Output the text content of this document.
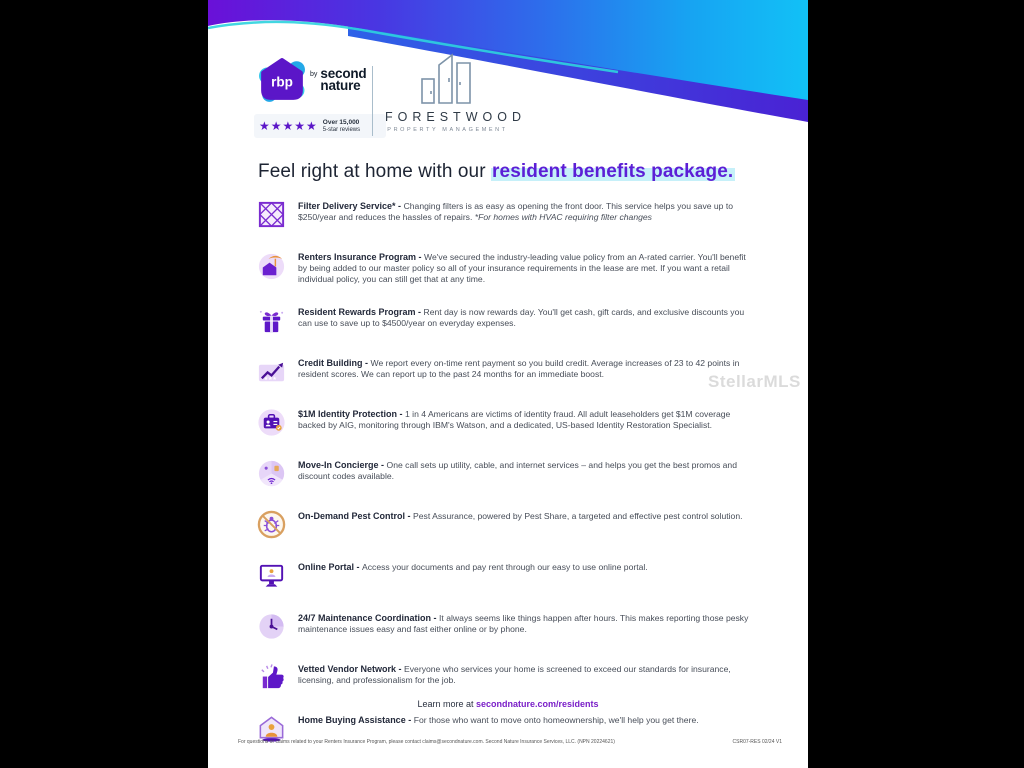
rbp by second
nature
★★★★★ Over 15,000
5-star reviews
FORESTWOOD
PROPERTY MANAGEMENT
Feel right at home with our resident benefits package.
Filter Delivery Service* - Changing filters is as easy as opening the front door. This service helps you save up to $250/year and reduces the hassles of repairs. *For homes with HVAC requiring filter changes
Renters Insurance Program - We've secured the industry-leading value policy from an A-rated carrier. You'll benefit by being added to our master policy so all of your insurance requirements in the lease are met. If you want a retail individual policy, you can still get that at any time.
Resident Rewards Program - Rent day is now rewards day. You'll get cash, gift cards, and exclusive discounts you can use to save up to $4500/year on everyday expenses.
★★★
Credit Building - We report every on-time rent payment so you build credit. Average increases of 23 to 42 points in resident scores. We can report up to the past 24 months for an immediate boost.
$1M Identity Protection - 1 in 4 Americans are victims of identity fraud. All adult leaseholders get $1M coverage backed by AIG, monitoring through IBM's Watson, and a dedicated, US-based Identity Restoration Specialist.
Move-In Concierge - One call sets up utility, cable, and internet services – and helps you get the best promos and discount codes available.
On-Demand Pest Control - Pest Assurance, powered by Pest Share, a targeted and effective pest control solution.
Online Portal - Access your documents and pay rent through our easy to use online portal.
24/7 Maintenance Coordination - It always seems like things happen after hours. This makes reporting those pesky maintenance issues easy and fast either online or by phone.
Vetted Vendor Network - Everyone who services your home is screened to exceed our standards for insurance, licensing, and professionalism for the job.
Home Buying Assistance - For those who want to move onto homeownership, we'll help you get there.
Learn more at secondnature.com/residents
For questions or claims related to your Renters Insurance Program, please contact claims@secondnature.com. Second Nature Insurance Services, LLC. (NPN 20224621)	CSR07-RES 02/24 V1
StellarMLS
